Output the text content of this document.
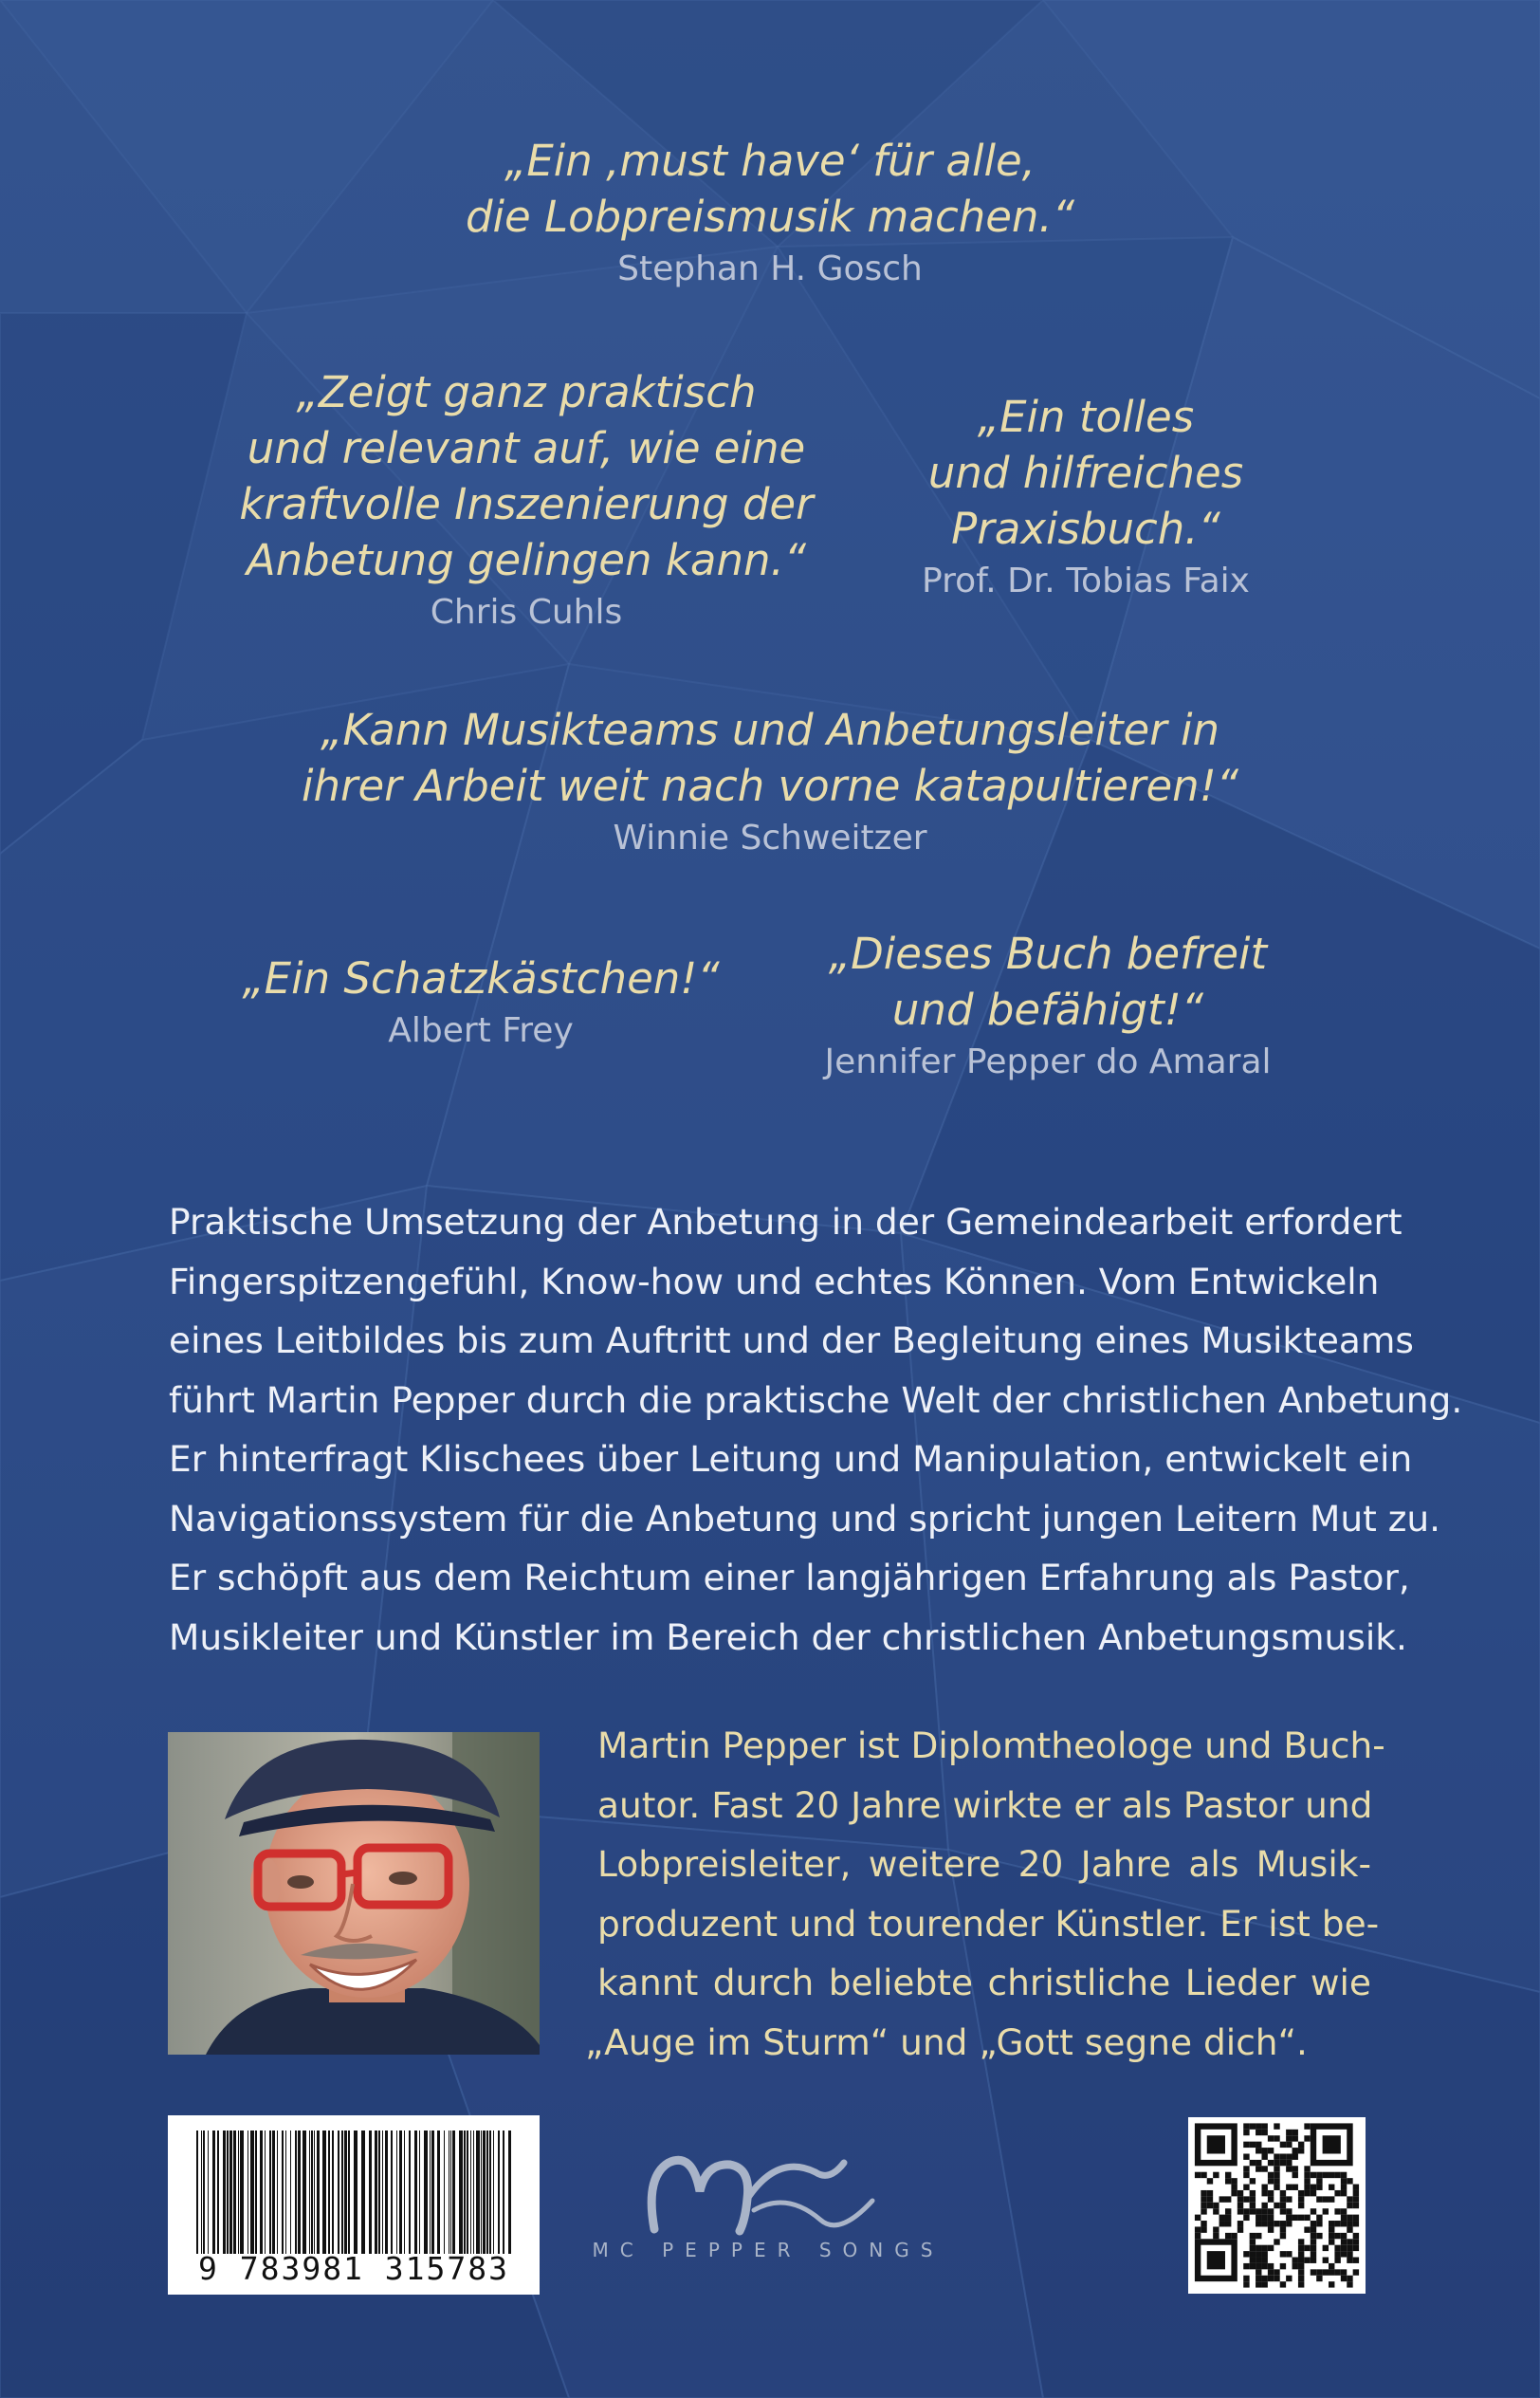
„Ein ‚must have‘ für alle,
die Lobpreismusik machen.“
Stephan H. Gosch
„Zeigt ganz praktisch
und relevant auf, wie eine
kraftvolle Inszenierung der
Anbetung gelingen kann.“
Chris Cuhls
„Ein tolles
und hilfreiches
Praxisbuch.“
Prof. Dr. Tobias Faix
„Kann Musikteams und Anbetungsleiter in
ihrer Arbeit weit nach vorne katapultieren!“
Winnie Schweitzer
„Ein Schatzkästchen!“
Albert Frey
„Dieses Buch befreit
und befähigt!“
Jennifer Pepper do Amaral
Praktische Umsetzung der Anbetung in der Gemeindearbeit erfordert
Fingerspitzengefühl, Know-how und echtes Können. Vom Entwickeln
eines Leitbildes bis zum Auftritt und der Begleitung eines Musikteams
führt Martin Pepper durch die praktische Welt der christlichen Anbetung.
Er hinterfragt Klischees über Leitung und Manipulation, entwickelt ein
Navigationssystem für die Anbetung und spricht jungen Leitern Mut zu.
Er schöpft aus dem Reichtum einer langjährigen Erfahrung als Pastor,
Musikleiter und Künstler im Bereich der christlichen Anbetungsmusik.
Martin Pepper ist Diplomtheologe und Buch-
autor. Fast 20 Jahre wirkte er als Pastor und
Lobpreisleiter, weitere 20 Jahre als Musik-
produzent und tourender Künstler. Er ist be-
kannt durch beliebte christliche Lieder wie
„Auge im Sturm“ und „Gott segne dich“.
9 783981 315783	MC PEPPER SONGS
